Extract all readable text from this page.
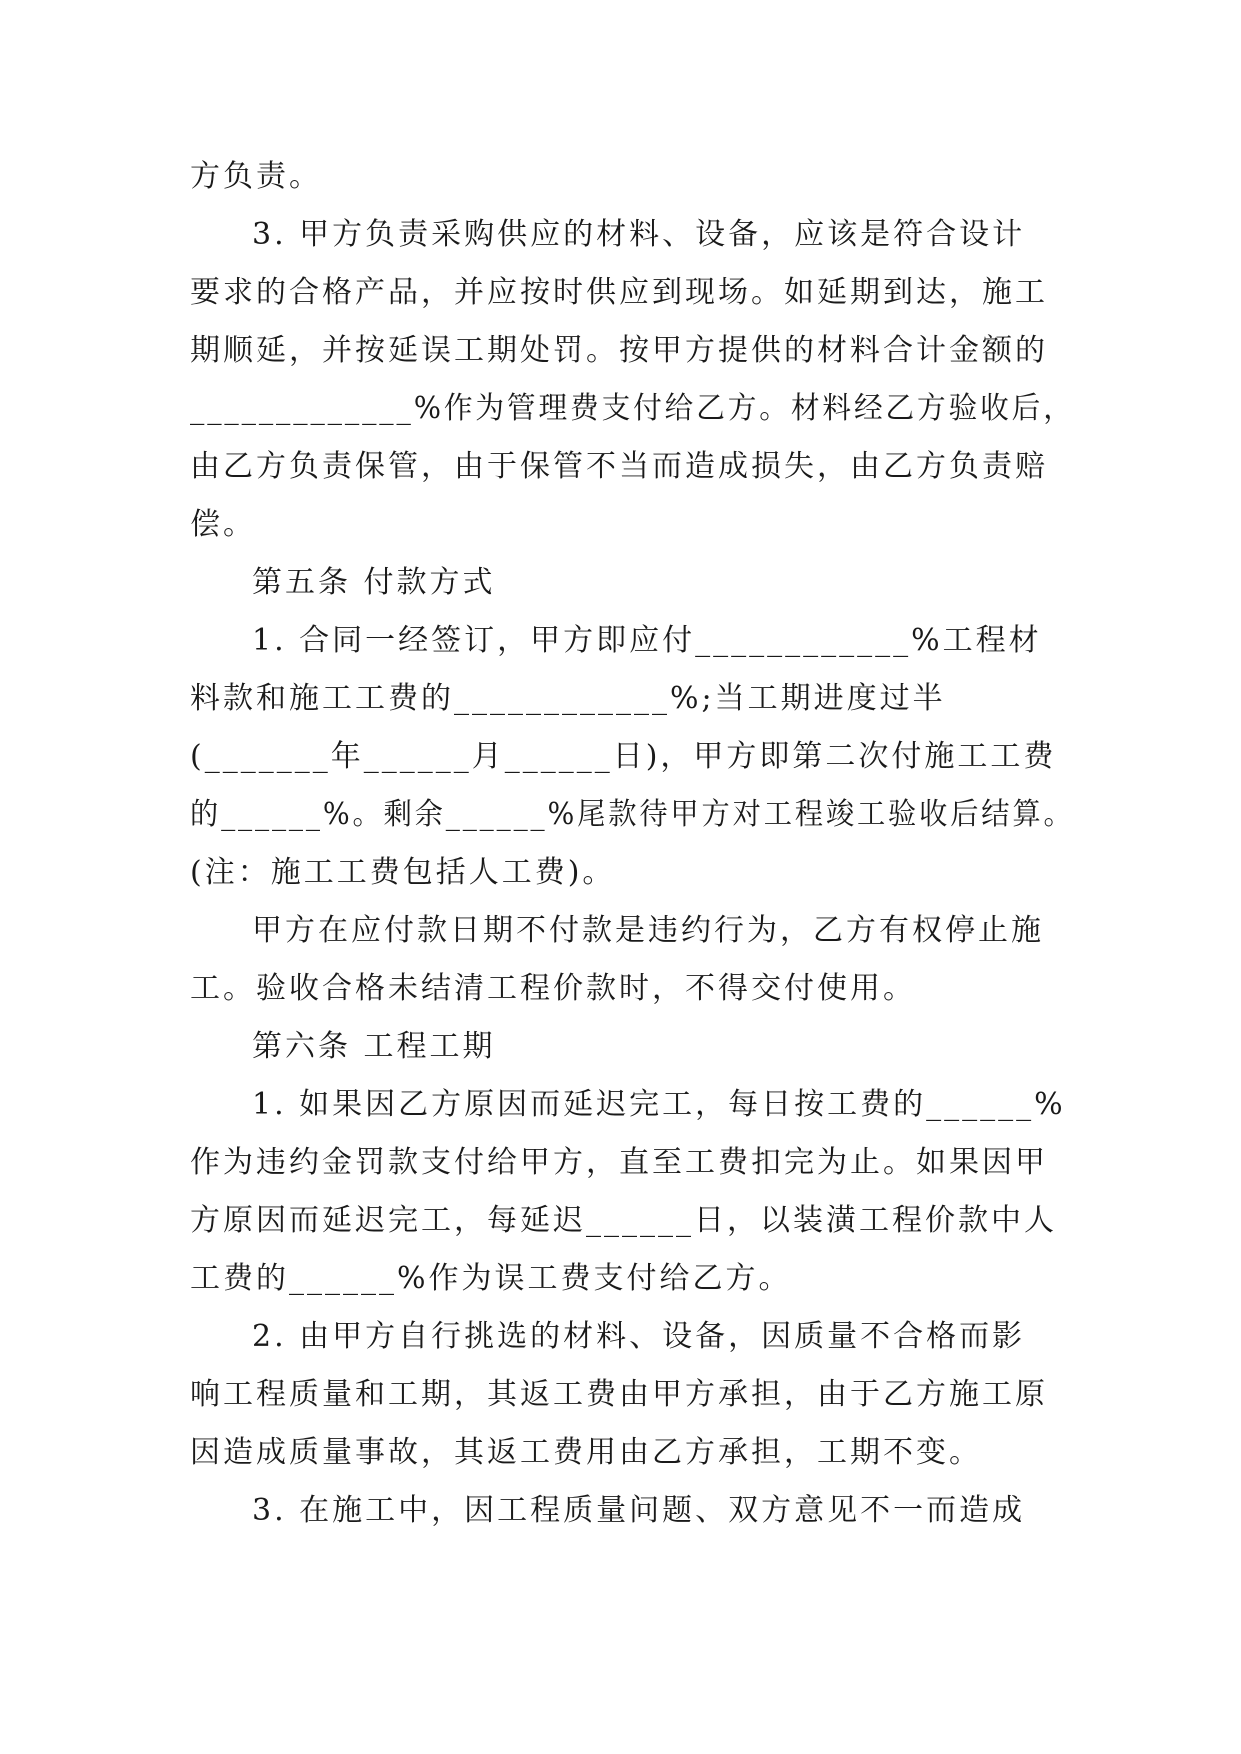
方负责。

3. 甲方负责采购供应的材料、设备，应该是符合设计

要求的合格产品，并应按时供应到现场。如延期到达，施工

期顺延，并按延误工期处罚。按甲方提供的材料合计金额的

_____________%作为管理费支付给乙方。材料经乙方验收后，

由乙方负责保管，由于保管不当而造成损失，由乙方负责赔

偿。

第五条 付款方式

1. 合同一经签订，甲方即应付____________%工程材

料款和施工工费的____________%;当工期进度过半

(_______年______月______日)，甲方即第二次付施工工费

的______%。剩余______%尾款待甲方对工程竣工验收后结算。

(注：施工工费包括人工费)。

甲方在应付款日期不付款是违约行为，乙方有权停止施

工。验收合格未结清工程价款时，不得交付使用。

第六条 工程工期

1. 如果因乙方原因而延迟完工，每日按工费的______%

作为违约金罚款支付给甲方，直至工费扣完为止。如果因甲

方原因而延迟完工，每延迟______日，以装潢工程价款中人

工费的______%作为误工费支付给乙方。

2. 由甲方自行挑选的材料、设备，因质量不合格而影

响工程质量和工期，其返工费由甲方承担，由于乙方施工原

因造成质量事故，其返工费用由乙方承担，工期不变。

3. 在施工中，因工程质量问题、双方意见不一而造成
